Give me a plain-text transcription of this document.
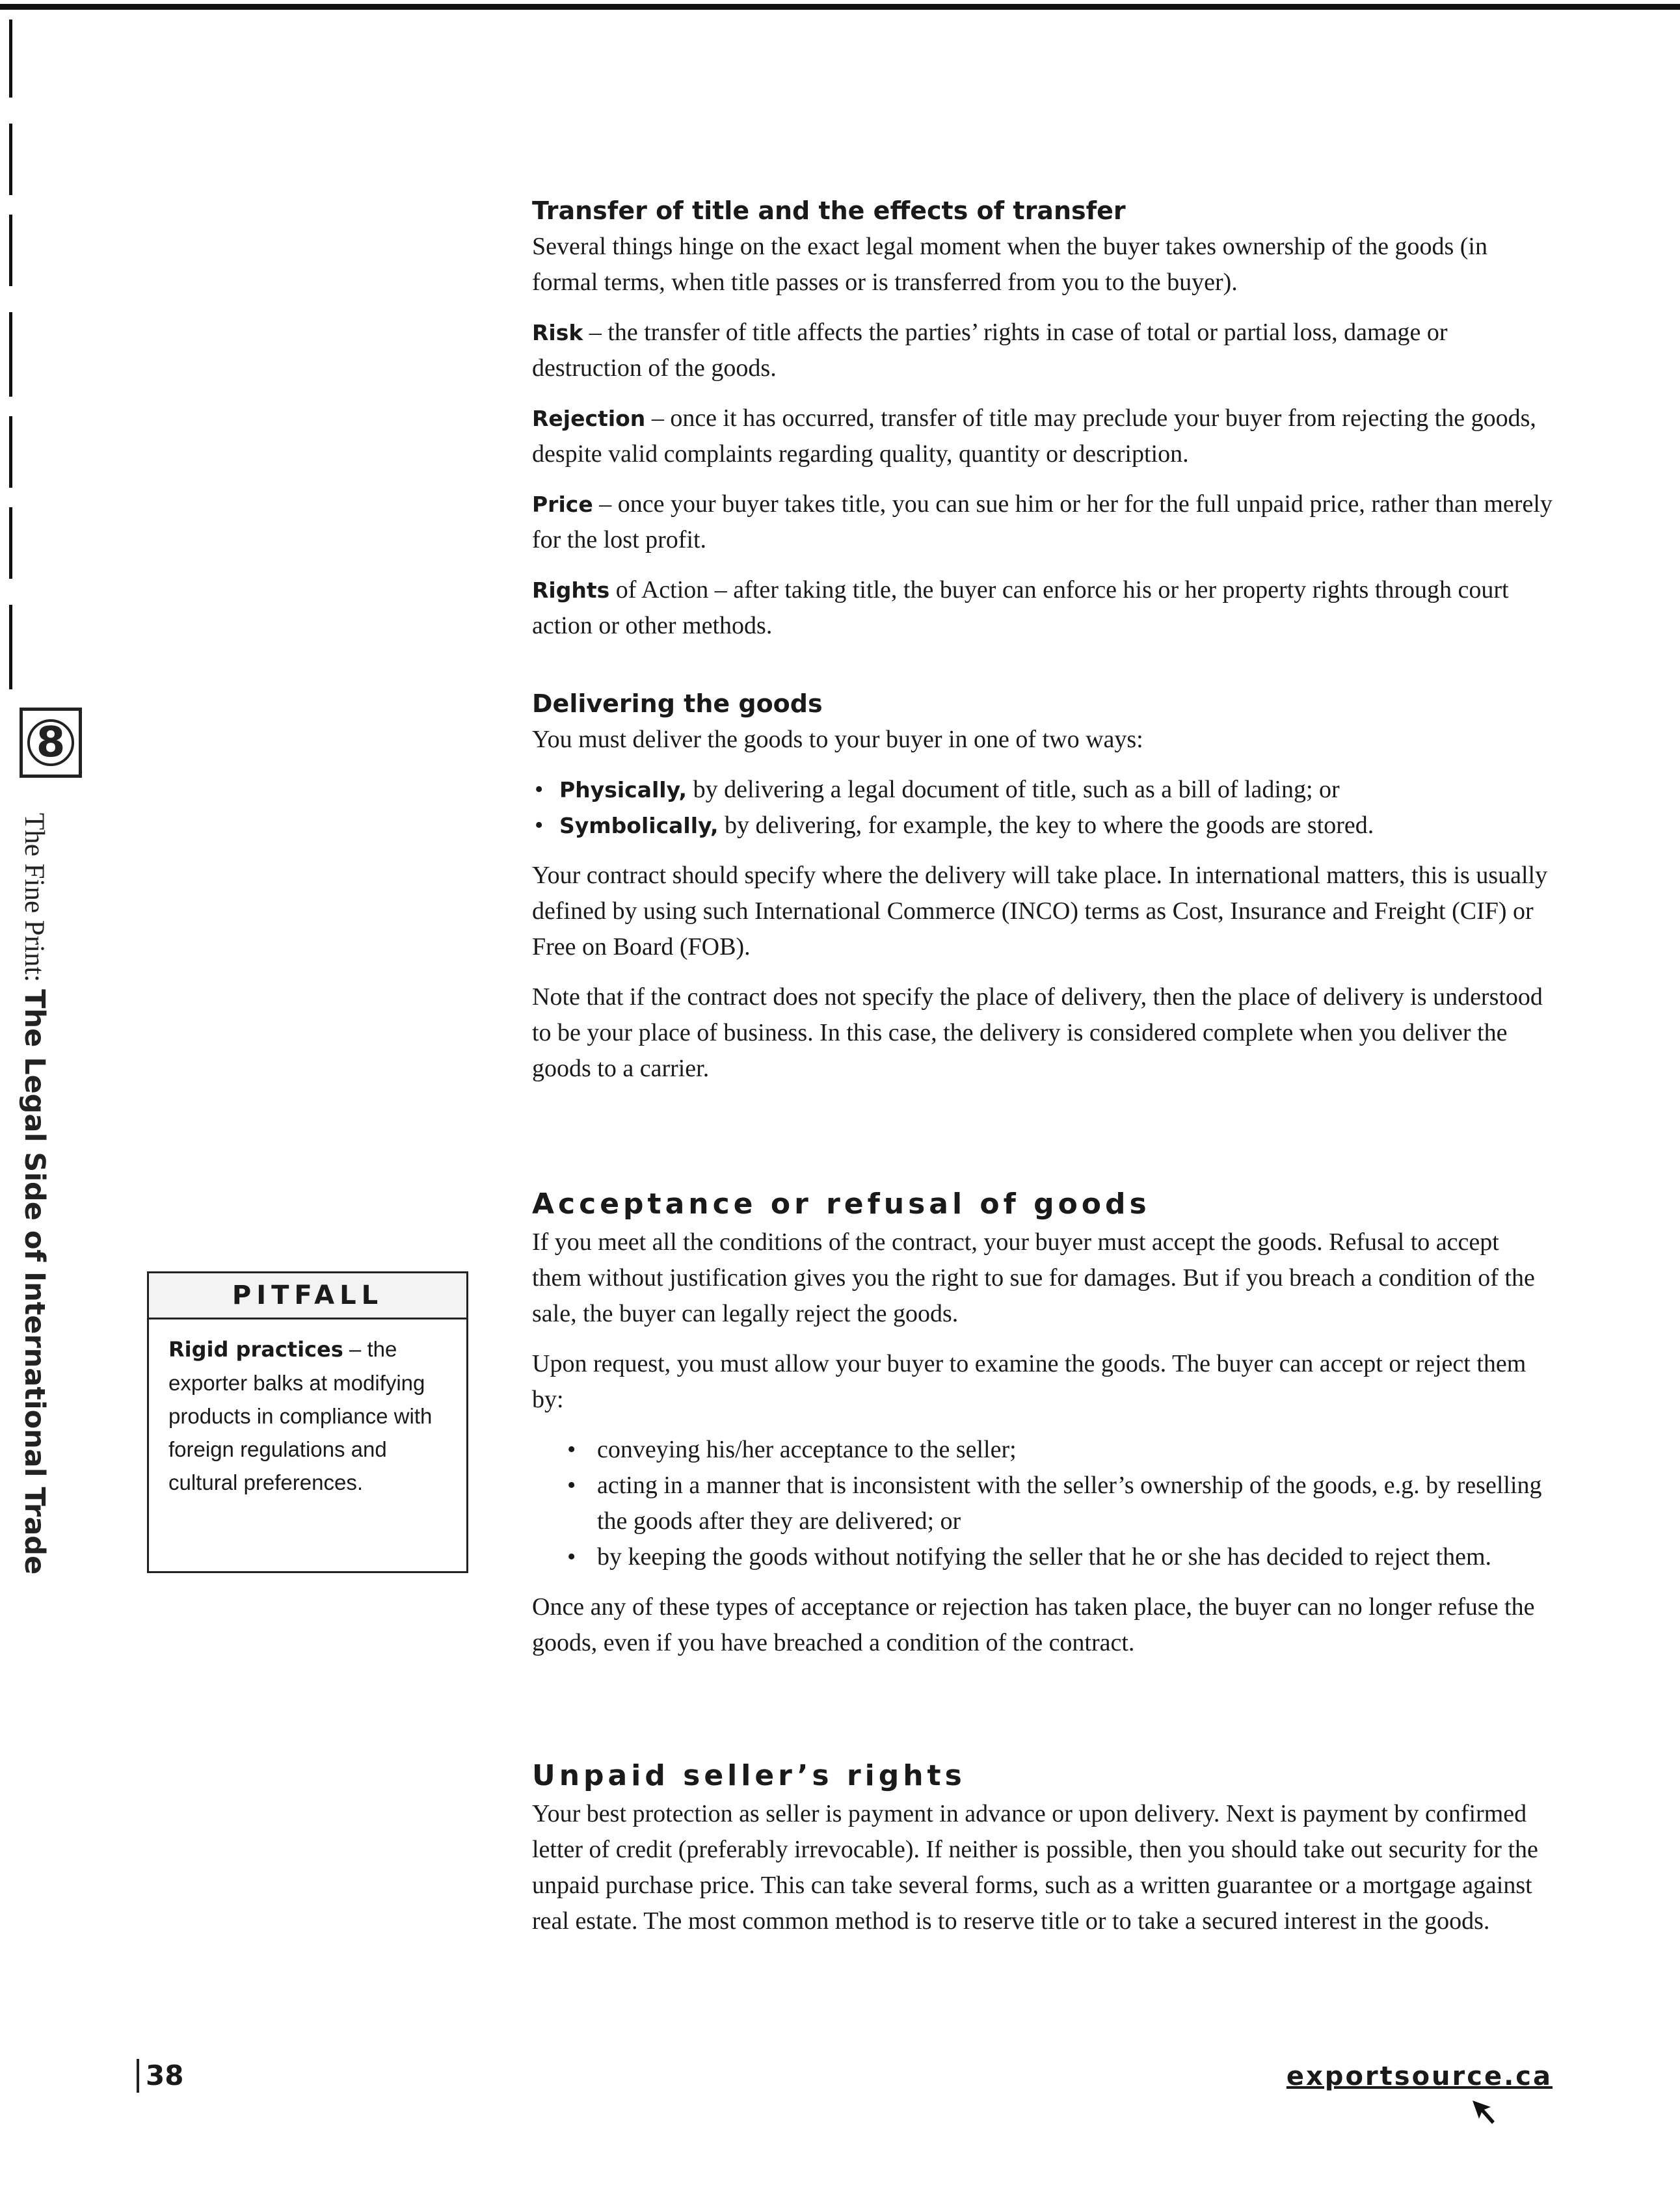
8
The Fine Print: The Legal Side of International Trade
Transfer of title and the effects of transfer

Several things hinge on the exact legal moment when the buyer takes ownership of the goods (in formal terms, when title passes or is transferred from you to the buyer).

Risk – the transfer of title affects the parties’ rights in case of total or partial loss, damage or destruction of the goods.

Rejection – once it has occurred, transfer of title may preclude your buyer from rejecting the goods, despite valid complaints regarding quality, quantity or description.

Price – once your buyer takes title, you can sue him or her for the full unpaid price, rather than merely for the lost profit.

Rights of Action – after taking title, the buyer can enforce his or her property rights through court action or other methods.

Delivering the goods

You must deliver the goods to your buyer in one of two ways:

• Physically, by delivering a legal document of title, such as a bill of lading; or
• Symbolically, by delivering, for example, the key to where the goods are stored.

Your contract should specify where the delivery will take place. In international matters, this is usually defined by using such International Commerce (INCO) terms as Cost, Insurance and Freight (CIF) or Free on Board (FOB).

Note that if the contract does not specify the place of delivery, then the place of delivery is understood to be your place of business. In this case, the delivery is considered complete when you deliver the goods to a carrier.

Acceptance or refusal of goods

If you meet all the conditions of the contract, your buyer must accept the goods. Refusal to accept them without justification gives you the right to sue for damages. But if you breach a condition of the sale, the buyer can legally reject the goods.

Upon request, you must allow your buyer to examine the goods. The buyer can accept or reject them by:

• conveying his/her acceptance to the seller;
• acting in a manner that is inconsistent with the seller’s ownership of the goods, e.g. by reselling the goods after they are delivered; or
• by keeping the goods without notifying the seller that he or she has decided to reject them.

Once any of these types of acceptance or rejection has taken place, the buyer can no longer refuse the goods, even if you have breached a condition of the contract.

Unpaid seller’s rights

Your best protection as seller is payment in advance or upon delivery. Next is payment by confirmed letter of credit (preferably irrevocable). If neither is possible, then you should take out security for the unpaid purchase price. This can take several forms, such as a written guarantee or a mortgage against real estate. The most common method is to reserve title or to take a secured interest in the goods.

PITFALL
Rigid practices – the exporter balks at modifying products in compliance with foreign regulations and cultural preferences.
38	exportsource.ca
